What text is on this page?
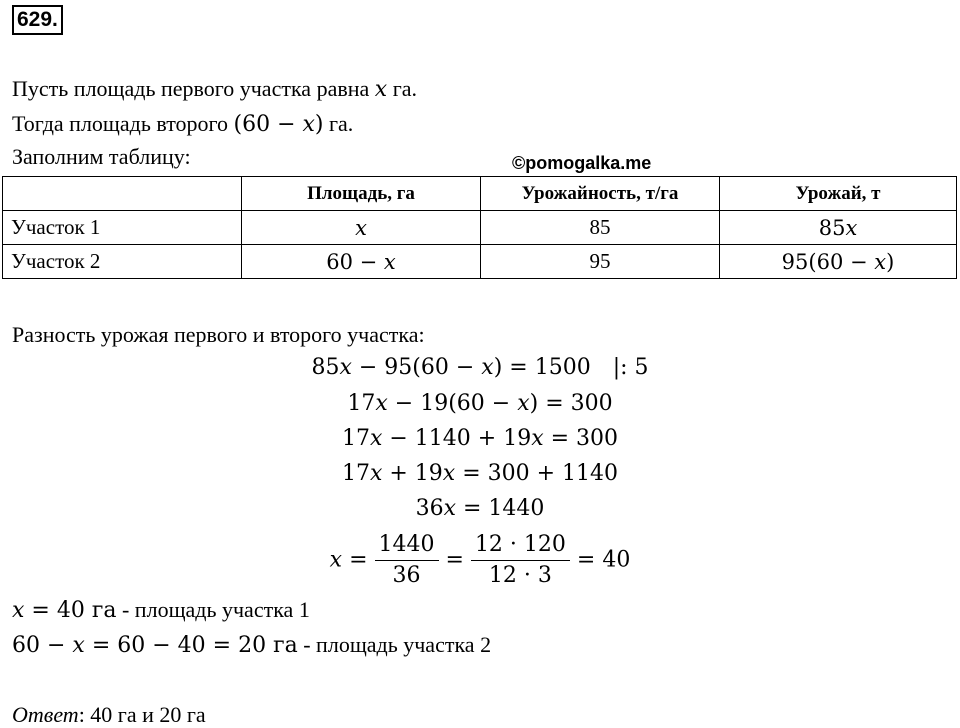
629.
Пусть площадь первого участка равна x га.
Тогда площадь второго (60 − x) га.
Заполним таблицу:	©pomogalka.me
	Площадь, га	Урожайность, т/га	Урожай, т
Участок 1	x	85	85x
Участок 2	60 − x	95	95(60 − x)
Разность урожая первого и второго участка:
85x − 95(60 − x) = 1500 |: 5
17x − 19(60 − x) = 300
17x − 1140 + 19x = 300
17x + 19x = 300 + 1140
36x = 1440
$x = \frac{1440}{36} = \frac{12 \cdot 120}{12 \cdot 3} = 40$
x = 40 га - площадь участка 1
60 − x = 60 − 40 = 20 га - площадь участка 2
Ответ: 40 га и 20 га
